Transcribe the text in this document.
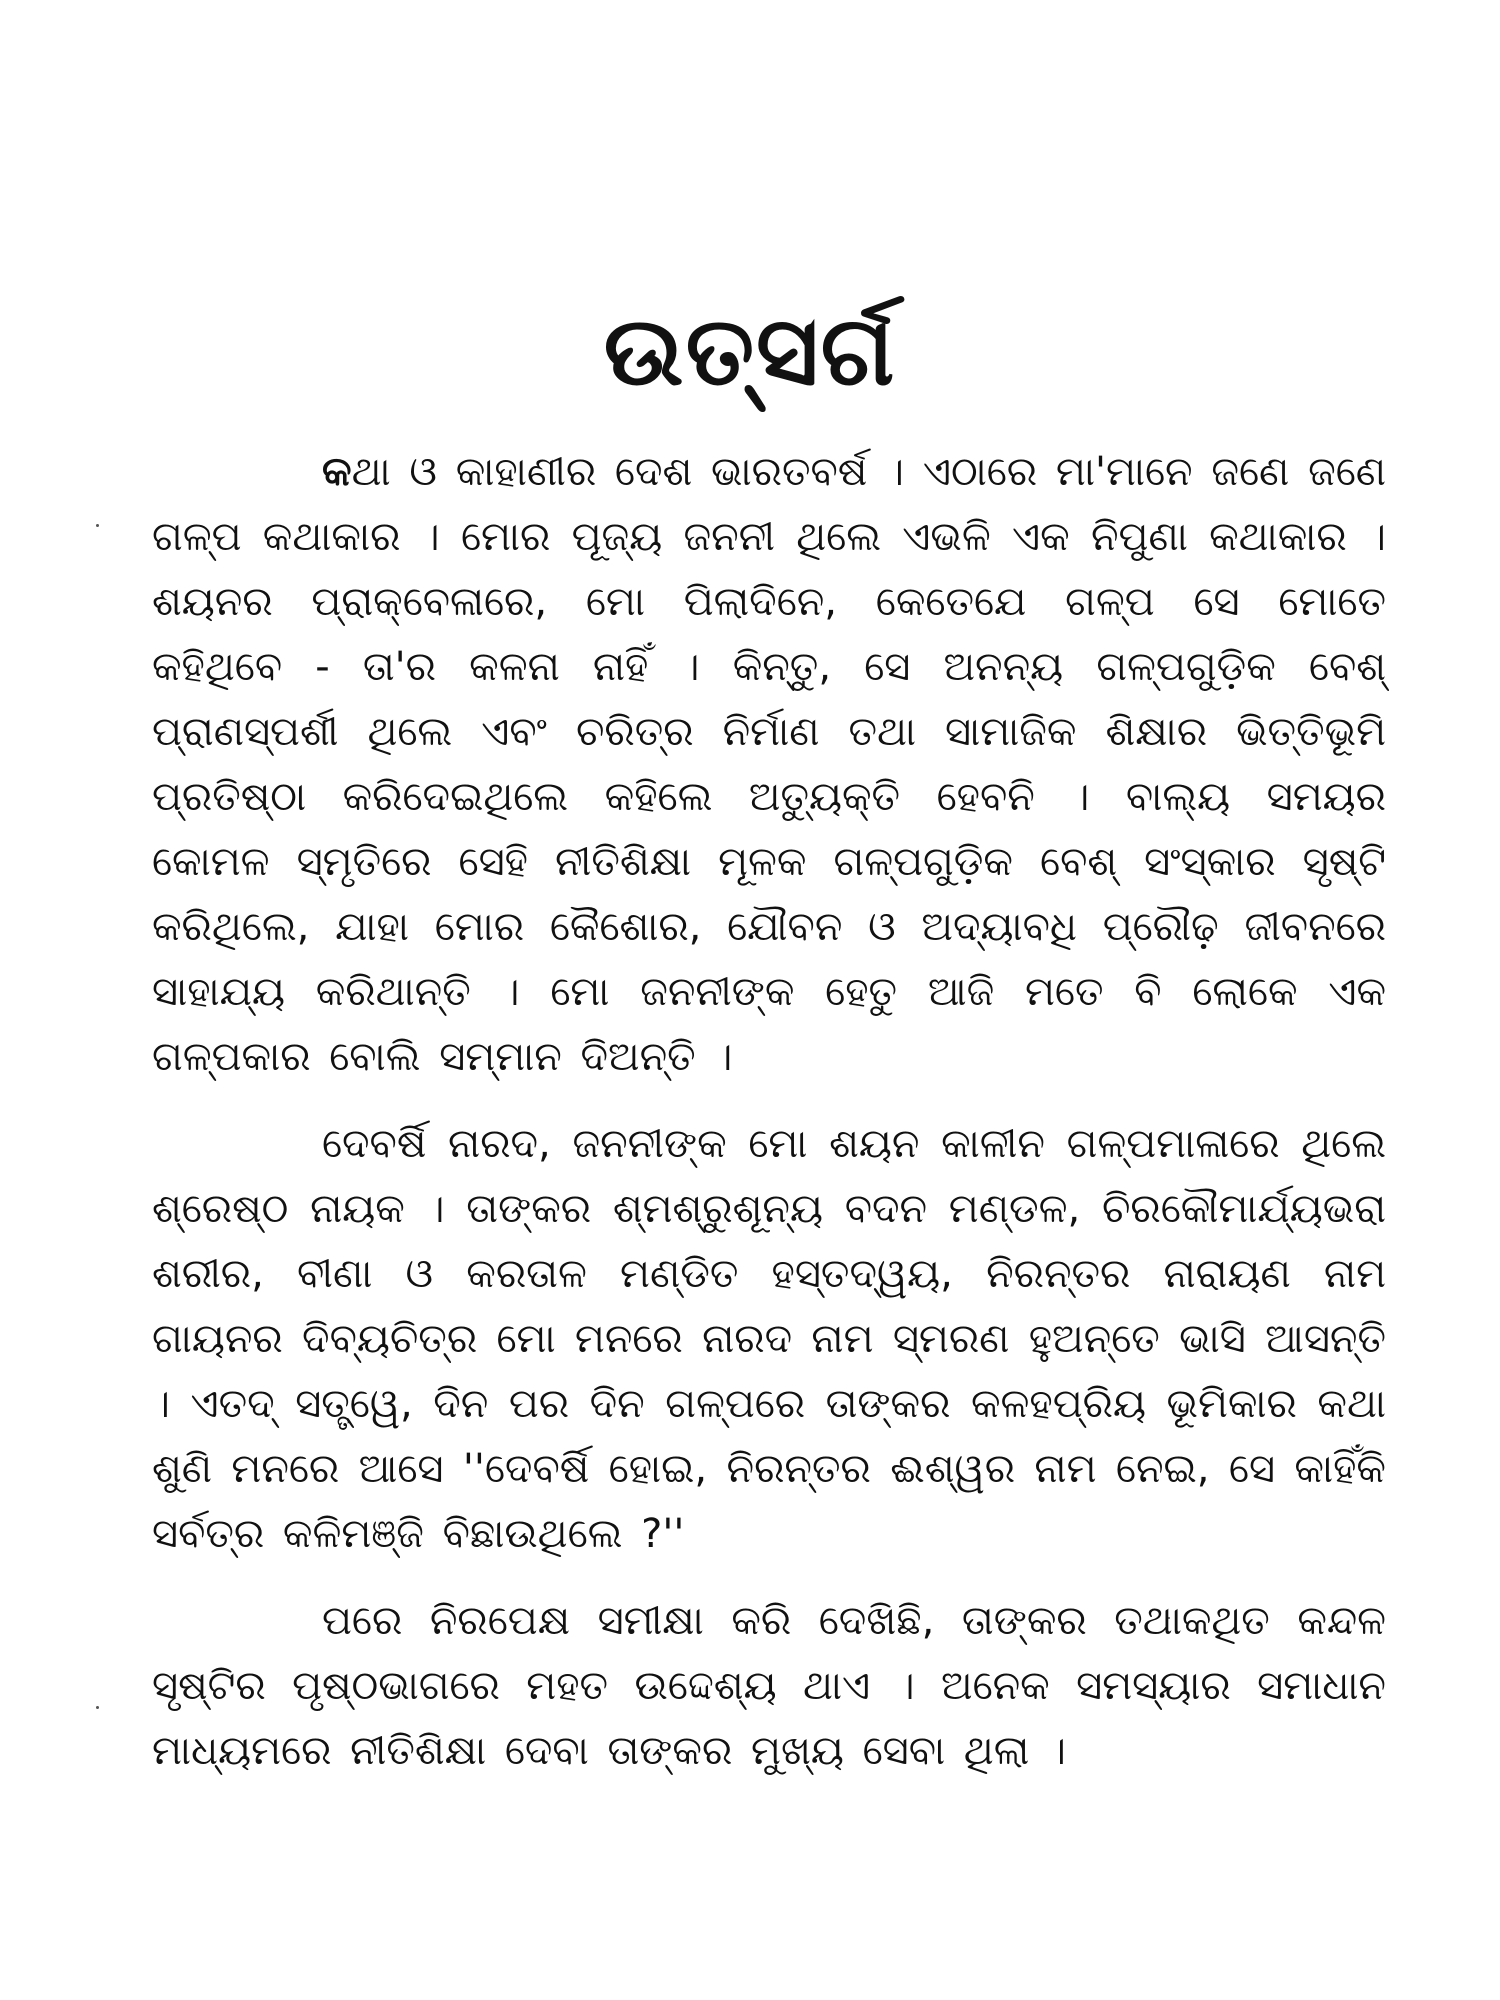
ଉତ୍ସର୍ଗ

କଥା ଓ କାହାଣୀର ଦେଶ ଭାରତବର୍ଷ । ଏଠାରେ ମା'ମାନେ ଜଣେ ଜଣେ ଗଳ୍ପ କଥାକାର । ମୋର ପୂଜ୍ୟ ଜନନୀ ଥିଲେ ଏଭଳି ଏକ ନିପୁଣା କଥାକାର । ଶୟନର ପ୍ରାକ୍‌ବେଳାରେ, ମୋ ପିଲାଦିନେ, କେତେଯେ ଗଳ୍ପ ସେ ମୋତେ କହିଥିବେ - ତା'ର କଳନା ନାହିଁ । କିନ୍ତୁ, ସେ ଅନନ୍ୟ ଗଳ୍ପଗୁଡ଼ିକ ବେଶ୍ ପ୍ରାଣସ୍ପର୍ଶୀ ଥିଲେ ଏବଂ ଚରିତ୍ର ନିର୍ମାଣ ତଥା ସାମାଜିକ ଶିକ୍ଷାର ଭିତ୍ତିଭୂମି ପ୍ରତିଷ୍ଠା କରିଦେଇଥିଲେ କହିଲେ ଅତ୍ୟୁକ୍ତି ହେବନି । ବାଲ୍ୟ ସମୟର କୋମଳ ସ୍ମୃତିରେ ସେହି ନୀତିଶିକ୍ଷା ମୂଳକ ଗଳ୍ପଗୁଡ଼ିକ ବେଶ୍ ସଂସ୍କାର ସୃଷ୍ଟି କରିଥିଲେ, ଯାହା ମୋର କୈଶୋର, ଯୌବନ ଓ ଅଦ୍ୟାବଧି ପ୍ରୌଢ଼ ଜୀବନରେ ସାହାଯ୍ୟ କରିଥାନ୍ତି । ମୋ ଜନନୀଙ୍କ ହେତୁ ଆଜି ମତେ ବି ଲୋକେ ଏକ ଗଳ୍ପକାର ବୋଲି ସମ୍ମାନ ଦିଅନ୍ତି ।

ଦେବର୍ଷି ନାରଦ, ଜନନୀଙ୍କ ମୋ ଶୟନ କାଳୀନ ଗଳ୍ପମାଳାରେ ଥିଲେ ଶ୍ରେଷ୍ଠ ନାୟକ । ତାଙ୍କର ଶ୍ମଶ୍ରୁଶୂନ୍ୟ ବଦନ ମଣ୍ଡଳ, ଚିରକୌମାର୍ଯ୍ୟଭରା ଶରୀର, ବୀଣା ଓ କରତାଳ ମଣ୍ଡିତ ହସ୍ତଦ୍ୱୟ, ନିରନ୍ତର ନାରାୟଣ ନାମ ଗାୟନର ଦିବ୍ୟଚିତ୍ର ମୋ ମନରେ ନାରଦ ନାମ ସ୍ମରଣ ହୁଅନ୍ତେ ଭାସି ଆସନ୍ତି । ଏତଦ୍ ସତ୍ତ୍ୱେ, ଦିନ ପର ଦିନ ଗଳ୍ପରେ ତାଙ୍କର କଳହପ୍ରିୟ ଭୂମିକାର କଥା ଶୁଣି ମନରେ ଆସେ ''ଦେବର୍ଷି ହୋଇ, ନିରନ୍ତର ଈଶ୍ୱର ନାମ ନେଇ, ସେ କାହିଁକି ସର୍ବତ୍ର କଳିମଞ୍ଜି ବିଛାଉଥିଲେ ?''

ପରେ ନିରପେକ୍ଷ ସମୀକ୍ଷା କରି ଦେଖିଛି, ତାଙ୍କର ତଥାକଥିତ କନ୍ଦଳ ସୃଷ୍ଟିର ପୃଷ୍ଠଭାଗରେ ମହତ ଉଦ୍ଦେଶ୍ୟ ଥାଏ । ଅନେକ ସମସ୍ୟାର ସମାଧାନ ମାଧ୍ୟମରେ ନୀତିଶିକ୍ଷା ଦେବା ତାଙ୍କର ମୁଖ୍ୟ ସେବା ଥିଲା ।
